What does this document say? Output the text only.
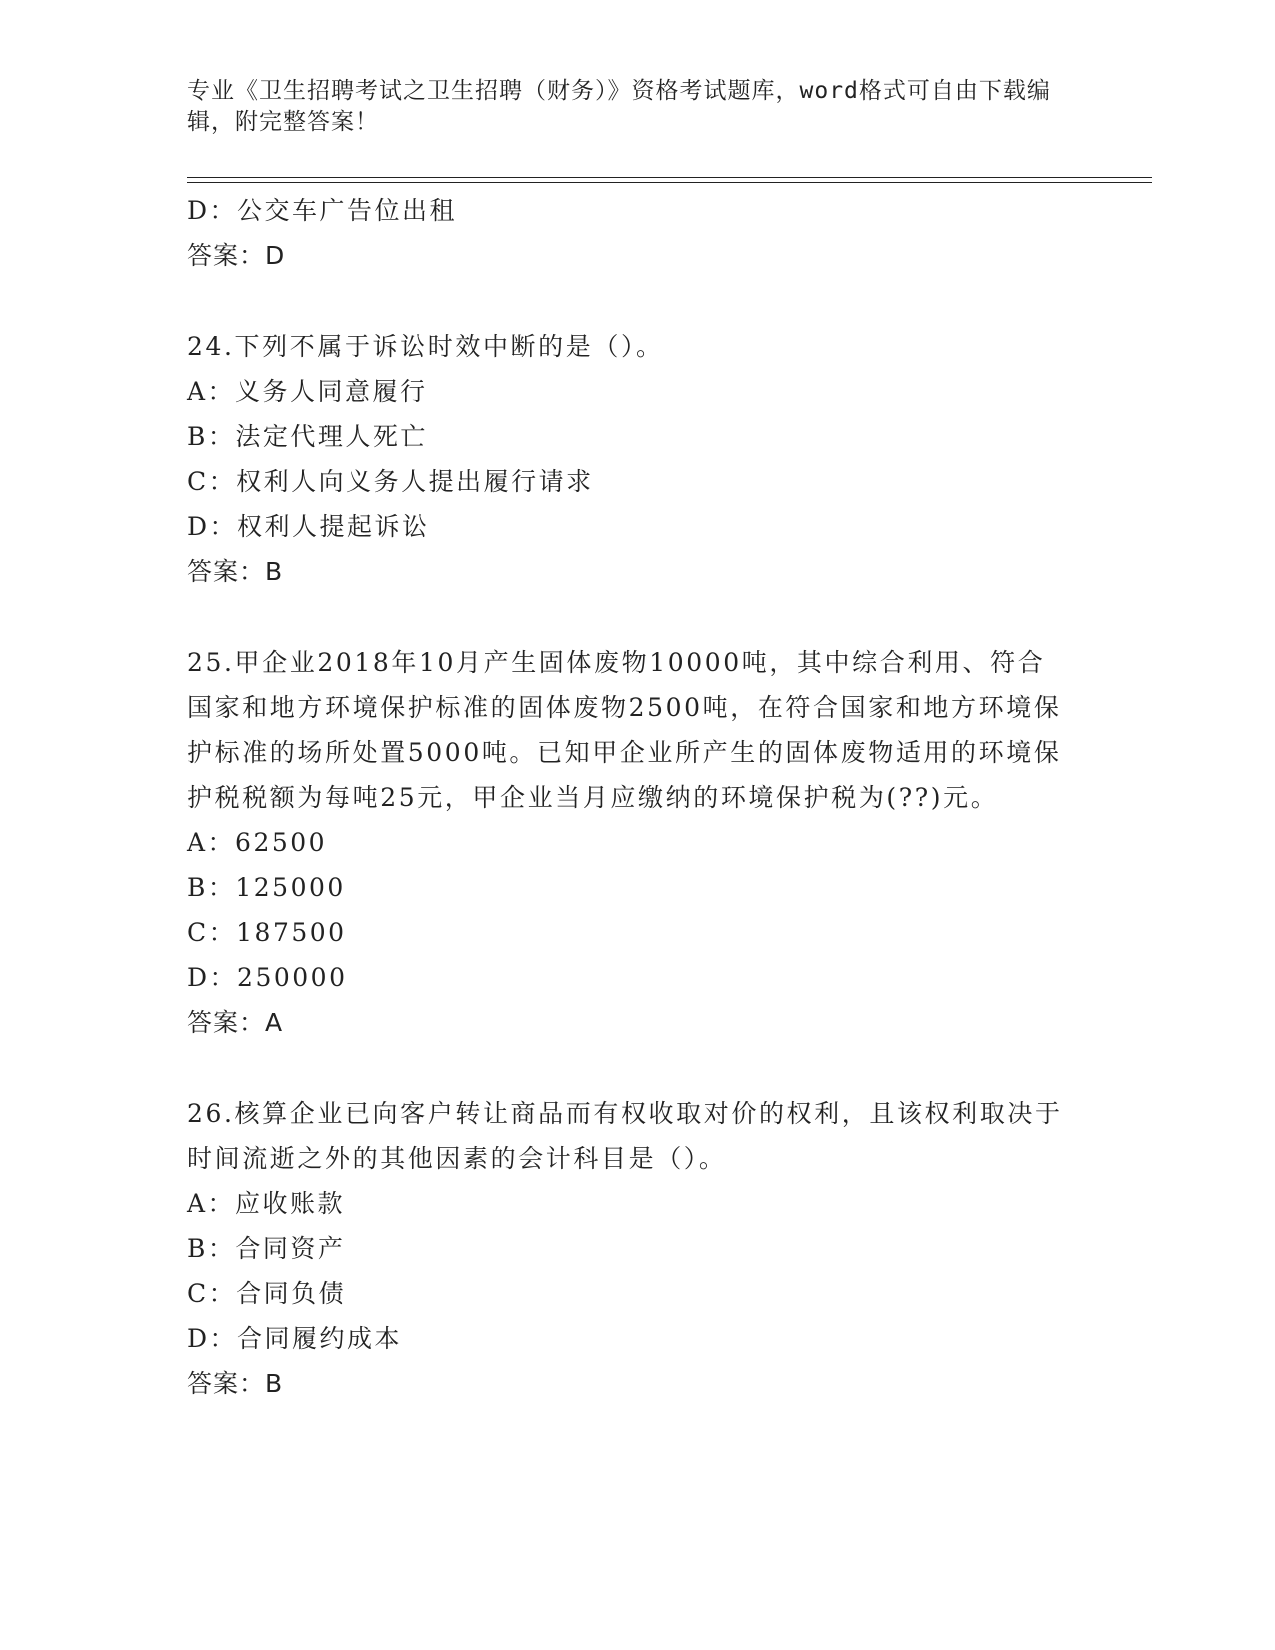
专业《卫生招聘考试之卫生招聘（财务）》资格考试题库，word格式可自由下载编辑，附完整答案！
D：公交车广告位出租
答案：D
24.下列不属于诉讼时效中断的是（）。
A：义务人同意履行
B：法定代理人死亡
C：权利人向义务人提出履行请求
D：权利人提起诉讼
答案：B
25.甲企业2018年10月产生固体废物10000吨，其中综合利用、符合国家和地方环境保护标准的固体废物2500吨，在符合国家和地方环境保护标准的场所处置5000吨。已知甲企业所产生的固体废物适用的环境保护税税额为每吨25元，甲企业当月应缴纳的环境保护税为(??)元。
A：62500
B：125000
C：187500
D：250000
答案：A
26.核算企业已向客户转让商品而有权收取对价的权利，且该权利取决于时间流逝之外的其他因素的会计科目是（）。
A：应收账款
B：合同资产
C：合同负债
D：合同履约成本
答案：B
